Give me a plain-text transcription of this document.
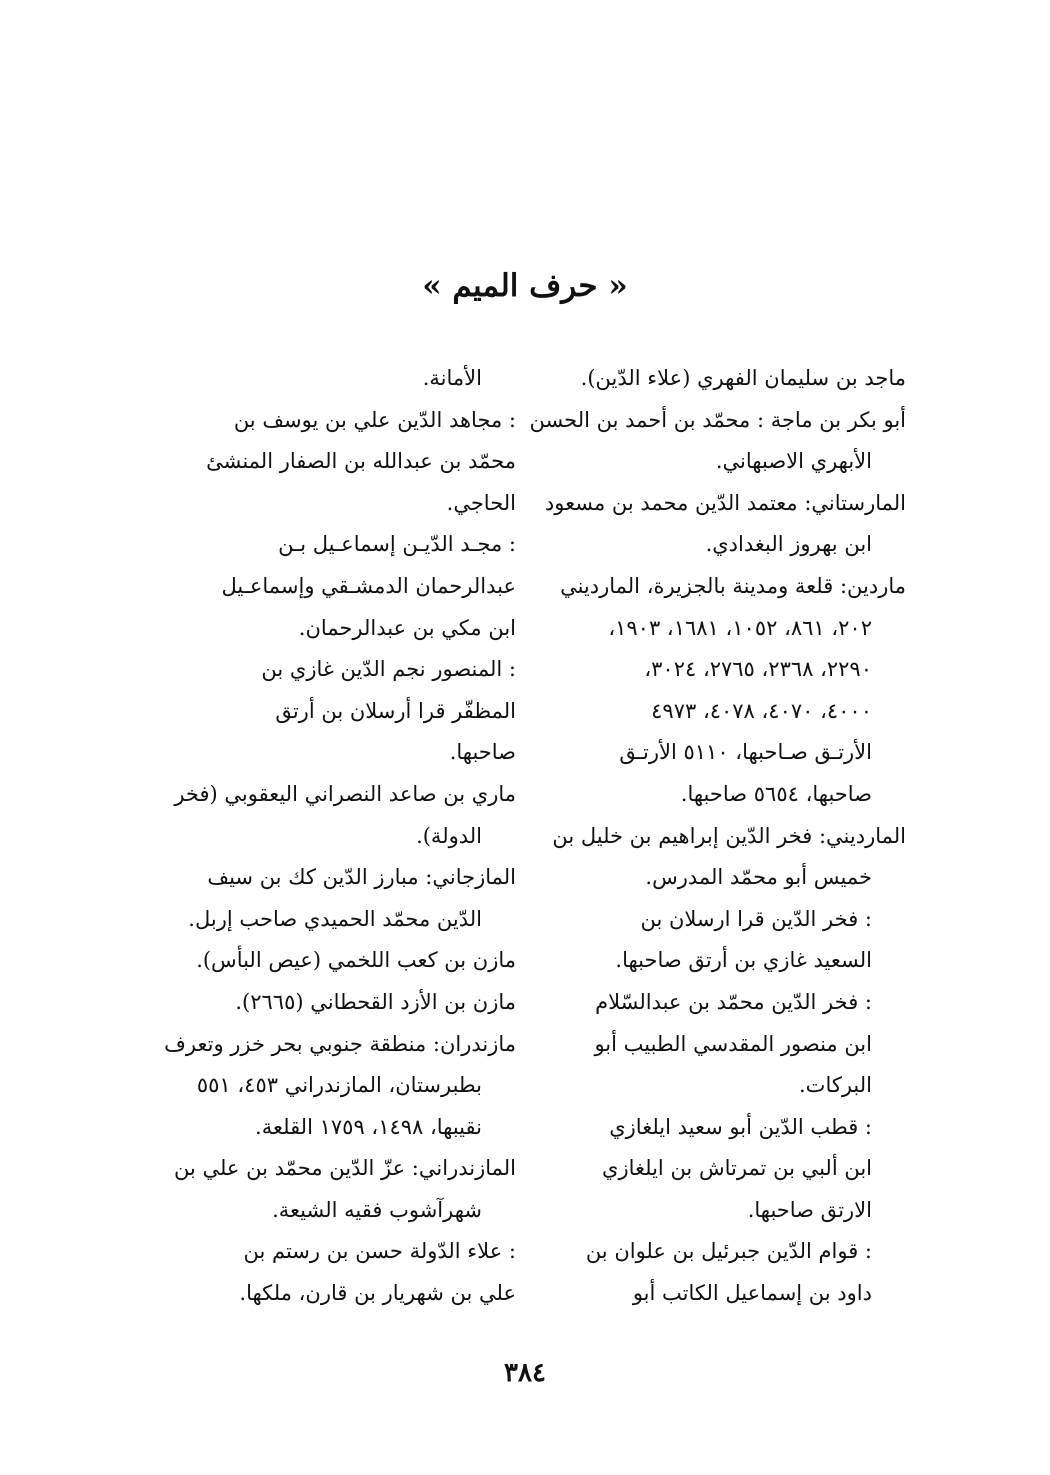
« حرف الميم »
ماجد بن سليمان الفهري (علاء الدّين).
أبو بكر بن ماجة : محمّد بن أحمد بن الحسن
الأبهري الاصبهاني.
المارستاني: معتمد الدّين محمد بن مسعود
ابن بهروز البغدادي.
ماردين: قلعة ومدينة بالجزيرة، المارديني
٢٠٢، ٨٦١، ١٠٥٢، ١٦٨١، ١٩٠٣،
٢٢٩٠، ٢٣٦٨، ٢٧٦٥، ٣٠٢٤،
٤٠٠٠، ٤٠٧٠، ٤٠٧٨، ٤٩٧٣
الأرتـق صـاحبها، ٥١١٠ الأرتـق
صاحبها، ٥٦٥٤ صاحبها.
المارديني: فخر الدّين إبراهيم بن خليل بن
خميس أبو محمّد المدرس.
: فخر الدّين قرا ارسلان بن
السعيد غازي بن أرتق صاحبها.
: فخر الدّين محمّد بن عبدالسّلام
ابن منصور المقدسي الطبيب أبو
البركات.
: قطب الدّين أبو سعيد ايلغازي
ابن ألبي بن تمرتاش بن ايلغازي
الارتق صاحبها.
: قوام الدّين جبرئيل بن علوان بن
داود بن إسماعيل الكاتب أبو
الأمانة.
: مجاهد الدّين علي بن يوسف بن
محمّد بن عبدالله بن الصفار المنشئ
الحاجي.
: مجـد الدّيـن إسماعـيل بـن
عبدالرحمان الدمشـقي وإسماعـيل
ابن مكي بن عبدالرحمان.
: المنصور نجم الدّين غازي بن
المظفّر قرا أرسلان بن أرتق
صاحبها.
ماري بن صاعد النصراني اليعقوبي (فخر
الدولة).
المازجاني: مبارز الدّين كك بن سيف
الدّين محمّد الحميدي صاحب إربل.
مازن بن كعب اللخمي (عيص البأس).
مازن بن الأزد القحطاني (٢٦٦٥).
مازندران: منطقة جنوبي بحر خزر وتعرف
بطبرستان، المازندراني ٤٥٣، ٥٥١
نقيبها، ١٤٩٨، ١٧٥٩ القلعة.
المازندراني: عزّ الدّين محمّد بن علي بن
شهرآشوب فقيه الشيعة.
: علاء الدّولة حسن بن رستم بن
علي بن شهريار بن قارن، ملكها.
٣٨٤
